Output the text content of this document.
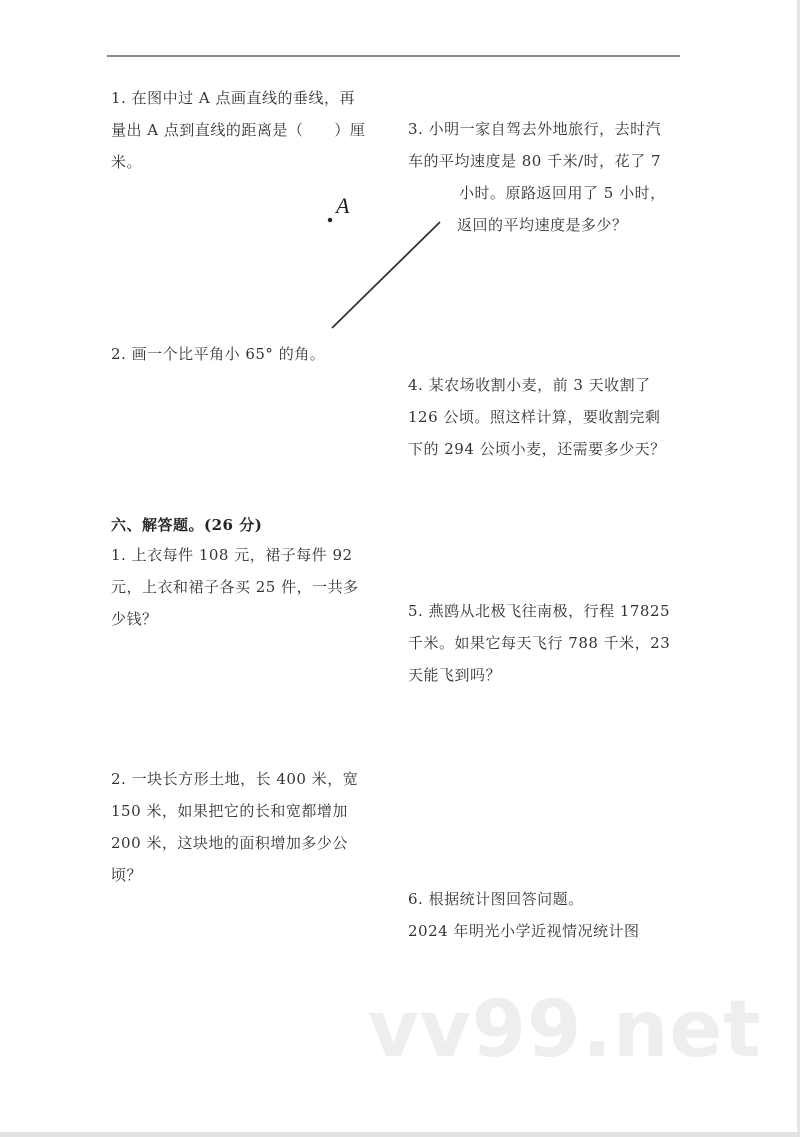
1. 在图中过 A 点画直线的垂线，再
量出 A 点到直线的距离是（　　）厘
米。
A
2. 画一个比平角小 65° 的角。
六、解答题。(26 分)
1. 上衣每件 108 元，裙子每件 92
元，上衣和裙子各买 25 件，一共多
少钱？
2. 一块长方形土地，长 400 米，宽
150 米，如果把它的长和宽都增加
200 米，这块地的面积增加多少公
顷？
3. 小明一家自驾去外地旅行，去时汽
车的平均速度是 80 千米/时，花了 7
小时。原路返回用了 5 小时，
返回的平均速度是多少？
4. 某农场收割小麦，前 3 天收割了
126 公顷。照这样计算，要收割完剩
下的 294 公顷小麦，还需要多少天？
5. 燕鸥从北极飞往南极，行程 17825
千米。如果它每天飞行 788 千米，23
天能飞到吗？
6. 根据统计图回答问题。
2024 年明光小学近视情况统计图
vv99.net
